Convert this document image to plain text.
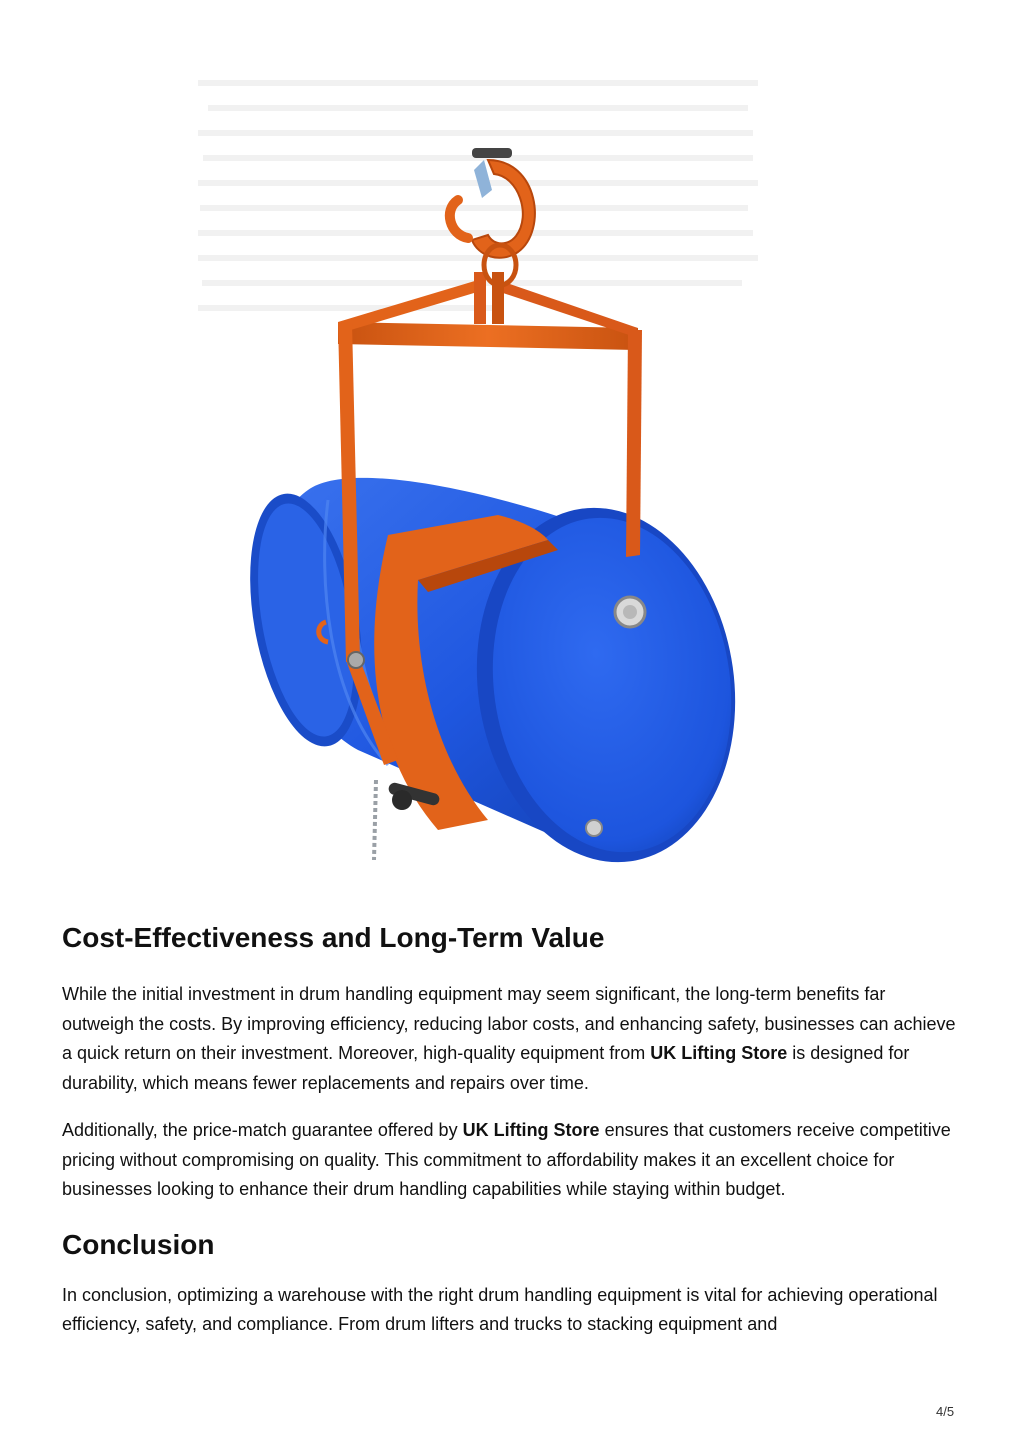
Cost-Effectiveness and Long-Term Value

While the initial investment in drum handling equipment may seem significant, the long-term benefits far outweigh the costs. By improving efficiency, reducing labor costs, and enhancing safety, businesses can achieve a quick return on their investment. Moreover, high-quality equipment from UK Lifting Store is designed for durability, which means fewer replacements and repairs over time.

Additionally, the price-match guarantee offered by UK Lifting Store ensures that customers receive competitive pricing without compromising on quality. This commitment to affordability makes it an excellent choice for businesses looking to enhance their drum handling capabilities while staying within budget.

Conclusion

In conclusion, optimizing a warehouse with the right drum handling equipment is vital for achieving operational efficiency, safety, and compliance. From drum lifters and trucks to stacking equipment and

4/5
